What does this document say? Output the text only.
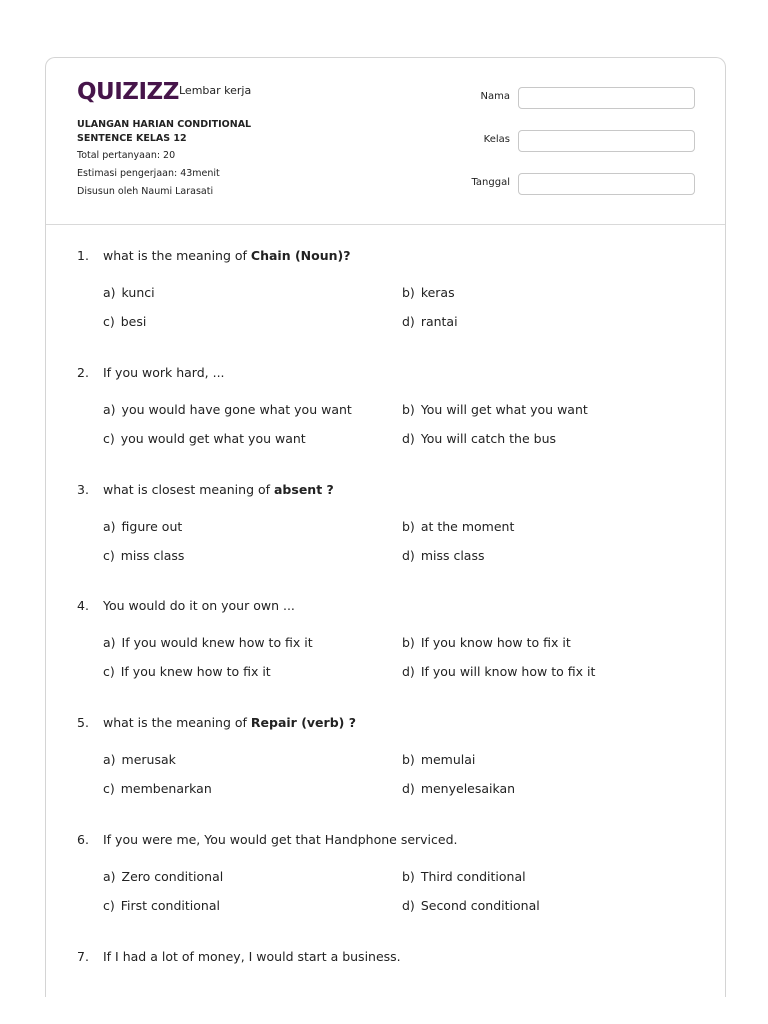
QUIZIZZ Lembar kerja
ULANGAN HARIAN CONDITIONAL SENTENCE KELAS 12
Total pertanyaan: 20
Estimasi pengerjaan: 43menit
Disusun oleh Naumi Larasati
Nama
Kelas
Tanggal
1. what is the meaning of Chain (Noun)?
a) kunci	b) keras
c) besi	d) rantai
2. If you work hard, ...
a) you would have gone what you want	b) You will get what you want
c) you would get what you want	d) You will catch the bus
3. what is closest meaning of absent ?
a) figure out	b) at the moment
c) miss class	d) miss class
4. You would do it on your own ...
a) If you would knew how to fix it	b) If you know how to fix it
c) If you knew how to fix it	d) If you will know how to fix it
5. what is the meaning of Repair (verb) ?
a) merusak	b) memulai
c) membenarkan	d) menyelesaikan
6. If you were me, You would get that Handphone serviced.
a) Zero conditional	b) Third conditional
c) First conditional	d) Second conditional
7. If I had a lot of money, I would start a business.
